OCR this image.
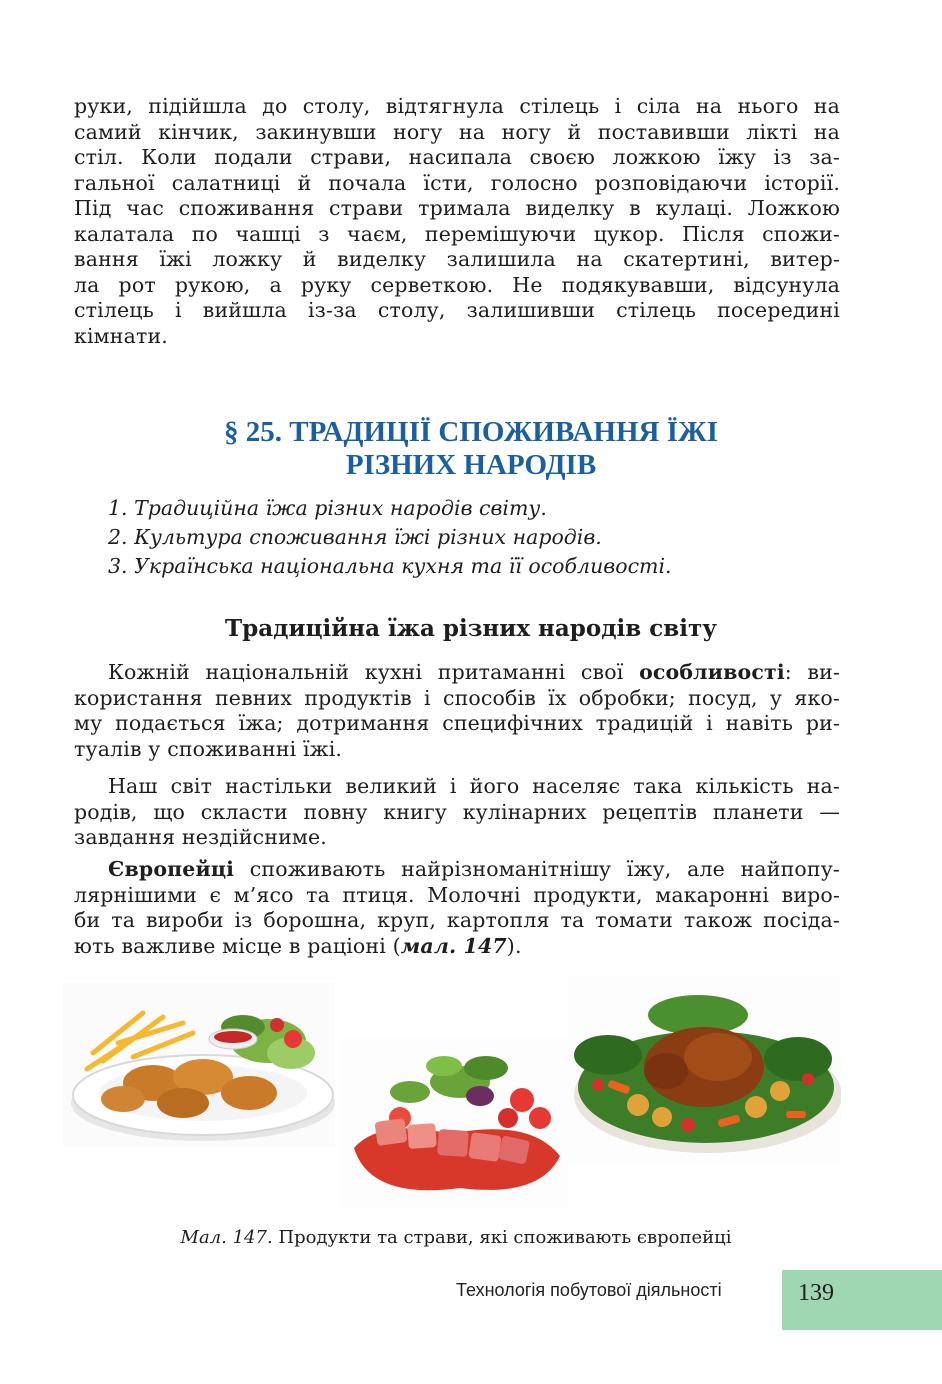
руки, підійшла до столу, відтягнула стілець і сіла на нього на
самий кінчик, закинувши ногу на ногу й поставивши лікті на
стіл. Коли подали страви, насипала своєю ложкою їжу із за-
гальної салатниці й почала їсти, голосно розповідаючи історії.
Під час споживання страви тримала виделку в кулаці. Ложкою
калатала по чашці з чаєм, перемішуючи цукор. Після спожи-
вання їжі ложку й виделку залишила на скатертині, витер-
ла рот рукою, а руку серветкою. Не подякувавши, відсунула
стілець і вийшла із-за столу, залишивши стілець посередині
кімнати.
§ 25. ТРАДИЦІЇ СПОЖИВАННЯ ЇЖІ
РІЗНИХ НАРОДІВ
1. Традиційна їжа різних народів світу.
2. Культура споживання їжі різних народів.
3. Українська національна кухня та її особливості.
Традиційна їжа різних народів світу
Кожній національній кухні притаманні свої особливості: ви-
користання певних продуктів і способів їх обробки; посуд, у яко-
му подається їжа; дотримання специфічних традицій і навіть ри-
туалів у споживанні їжі.
Наш світ настільки великий і його населяє така кількість на-
родів, що скласти повну книгу кулінарних рецептів планети —
завдання нездійсниме.
Європейці споживають найрізноманітнішу їжу, але найпопу-
лярнішими є м’ясо та птиця. Молочні продукти, макаронні виро-
би та вироби із борошна, круп, картопля та томати також посіда-
ють важливе місце в раціоні (мал. 147).

Мал. 147. Продукти та страви, які споживають європейці

Технологія побутової діяльності	139
